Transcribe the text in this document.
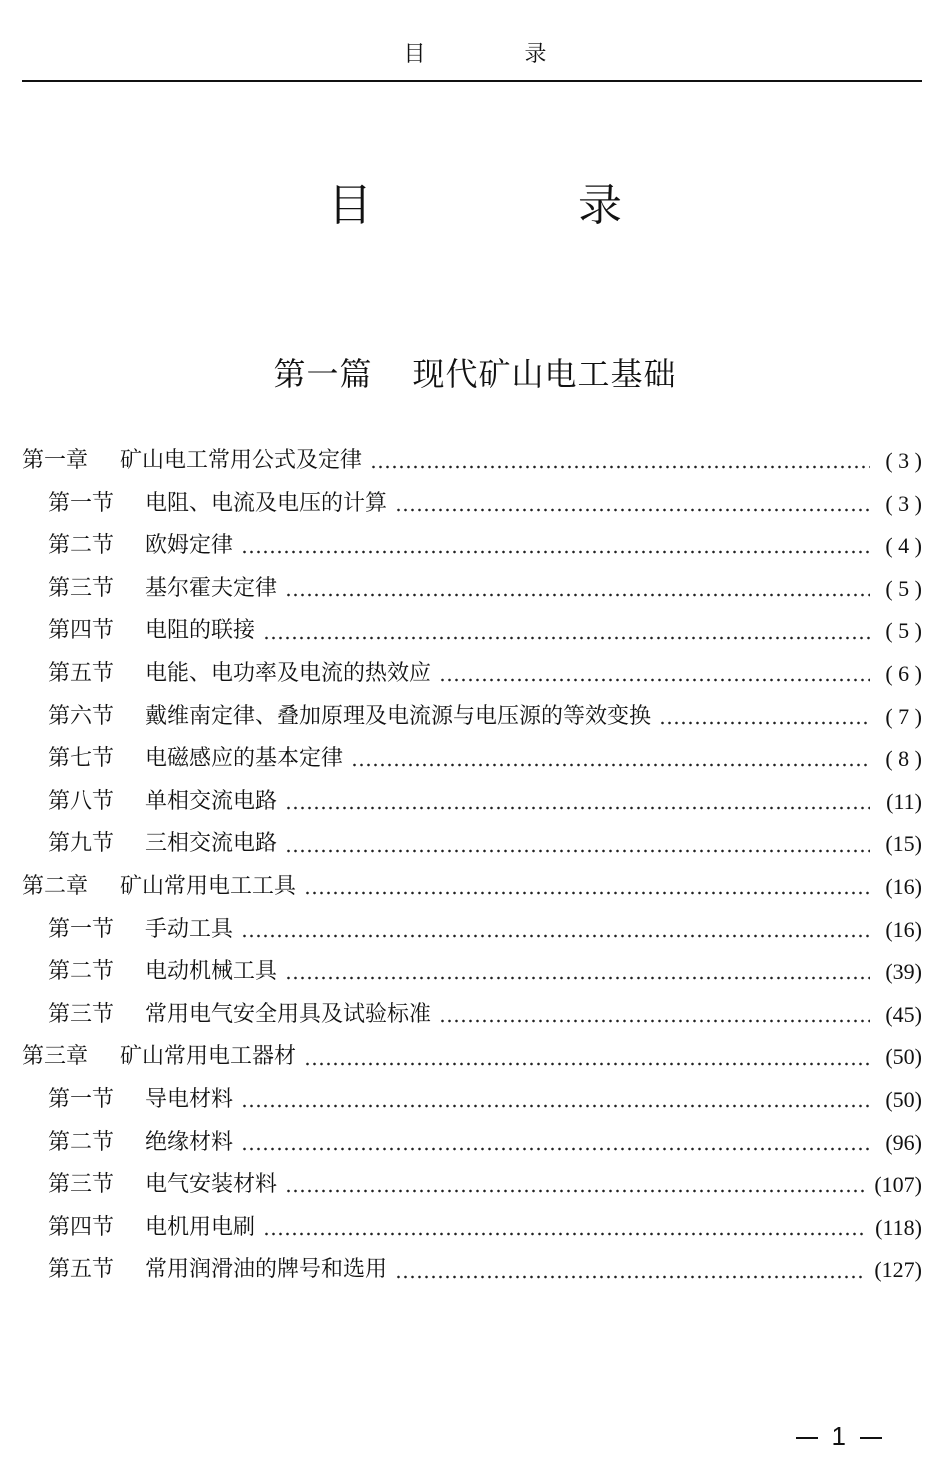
目 录
目 录
第一篇 现代矿山电工基础
第一章	矿山电工常用公式及定律	( 3 )
第一节	电阻、电流及电压的计算	( 3 )
第二节	欧姆定律	( 4 )
第三节	基尔霍夫定律	( 5 )
第四节	电阻的联接	( 5 )
第五节	电能、电功率及电流的热效应	( 6 )
第六节	戴维南定律、叠加原理及电流源与电压源的等效变换	( 7 )
第七节	电磁感应的基本定律	( 8 )
第八节	单相交流电路	(11)
第九节	三相交流电路	(15)
第二章	矿山常用电工工具	(16)
第一节	手动工具	(16)
第二节	电动机械工具	(39)
第三节	常用电气安全用具及试验标准	(45)
第三章	矿山常用电工器材	(50)
第一节	导电材料	(50)
第二节	绝缘材料	(96)
第三节	电气安装材料	(107)
第四节	电机用电刷	(118)
第五节	常用润滑油的牌号和选用	(127)
1
